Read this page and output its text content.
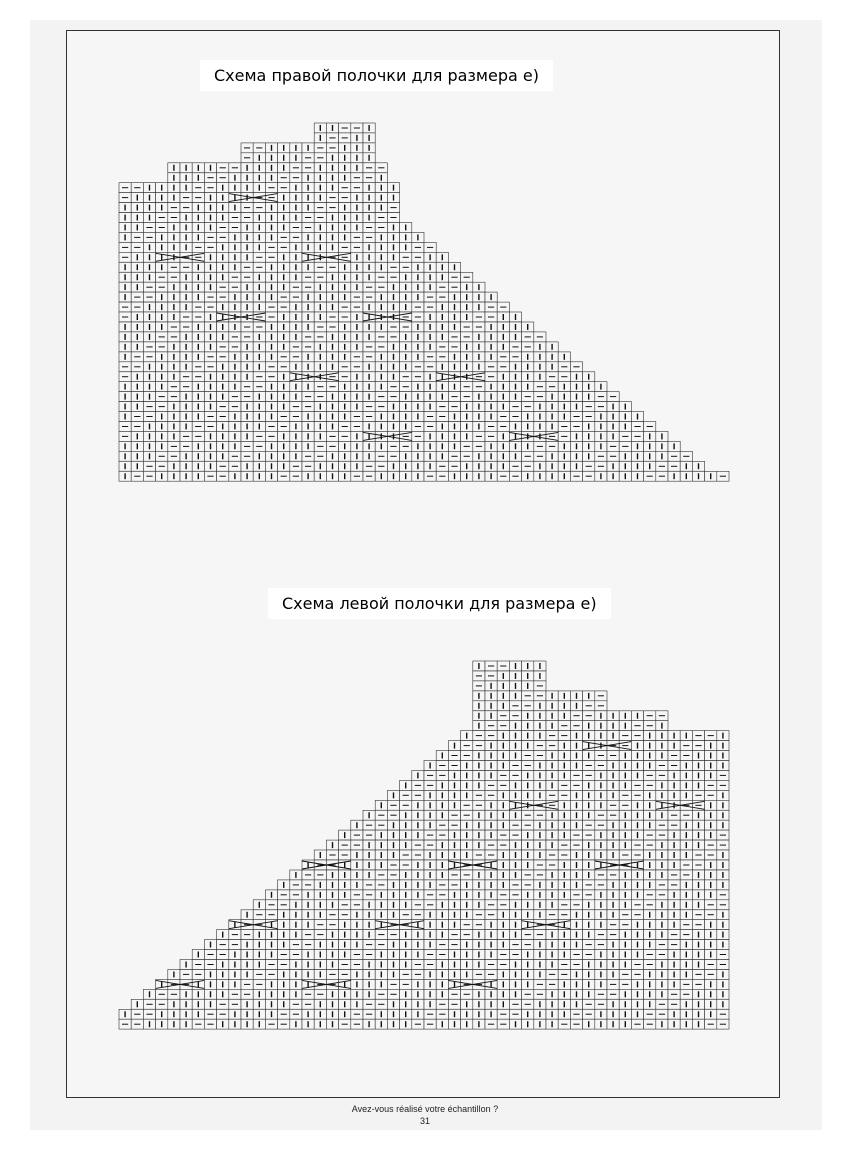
Схема правой полочки для размера е)
Схема левой полочки для размера е)
Avez-vous réalisé votre échantillon ?
31
